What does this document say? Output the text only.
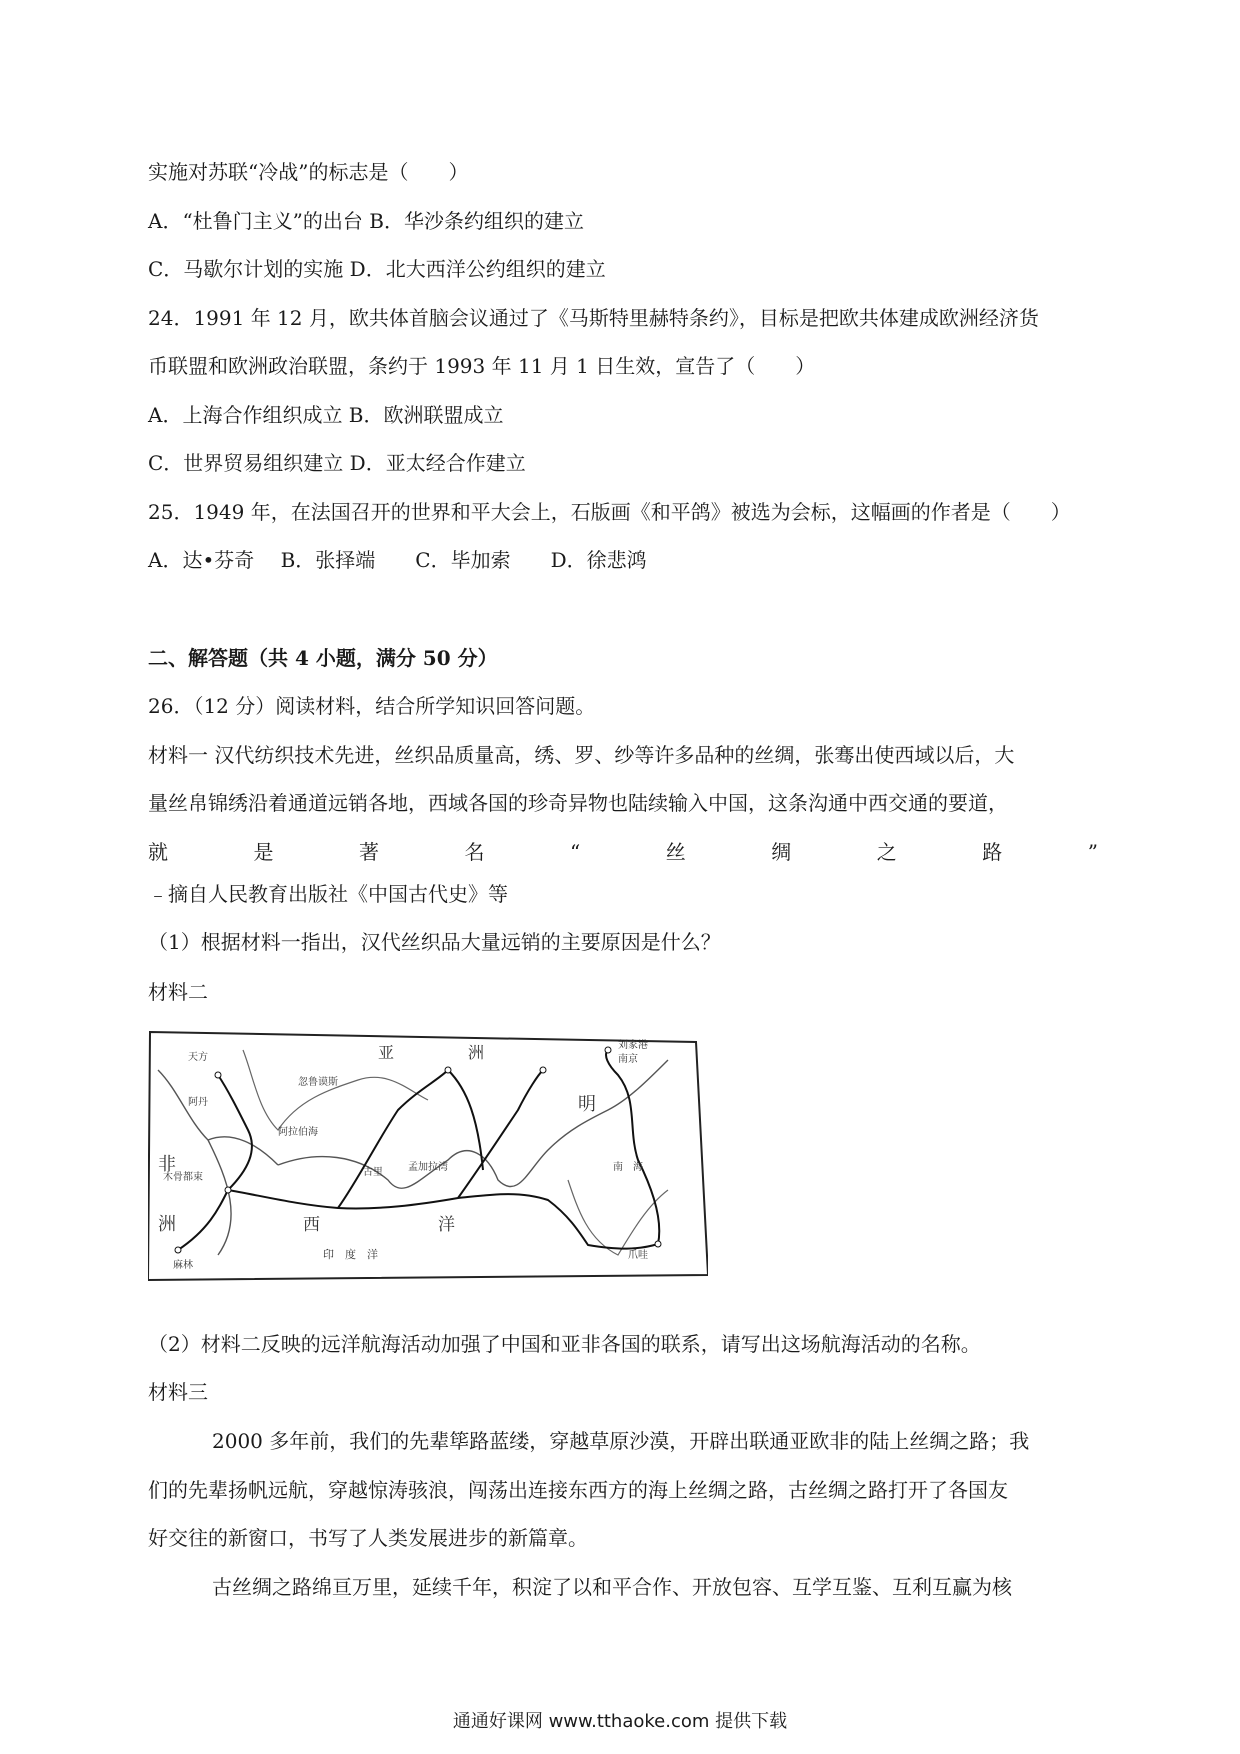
实施对苏联“冷战”的标志是（　　）
A．“杜鲁门主义”的出台 B．华沙条约组织的建立
C．马歇尔计划的实施 D．北大西洋公约组织的建立
24．1991 年 12 月，欧共体首脑会议通过了《马斯特里赫特条约》，目标是把欧共体建成欧洲经济货
币联盟和欧洲政治联盟，条约于 1993 年 11 月 1 日生效，宣告了（　　）
A．上海合作组织成立 B．欧洲联盟成立
C．世界贸易组织建立 D．亚太经合作建立
25．1949 年，在法国召开的世界和平大会上，石版画《和平鸽》被选为会标，这幅画的作者是（　　）
A．达•芬奇　 B．张择端　　C．毕加索　　D．徐悲鸿
二、解答题（共 4 小题，满分 50 分）
26．（12 分）阅读材料，结合所学知识回答问题。
材料一 汉代纺织技术先进，丝织品质量高，绣、罗、纱等许多品种的丝绸，张骞出使西域以后，大
量丝帛锦绣沿着通道远销各地，西域各国的珍奇异物也陆续输入中国，这条沟通中西交通的要道，
就	是	著	名	“	丝	绸	之	路	”
﹣摘自人民教育出版社《中国古代史》等
（1）根据材料一指出，汉代丝织品大量远销的主要原因是什么？
材料二
非
洲
亚	洲
明
西	洋
印　度　洋
阿拉伯海
孟加拉湾	南　海
忽鲁谟斯
木骨都束
麻林
古里
刘家港
南京
爪哇
阿丹
天方
（2）材料二反映的远洋航海活动加强了中国和亚非各国的联系，请写出这场航海活动的名称。
材料三
2000 多年前，我们的先辈筚路蓝缕，穿越草原沙漠，开辟出联通亚欧非的陆上丝绸之路；我
们的先辈扬帆远航，穿越惊涛骇浪，闯荡出连接东西方的海上丝绸之路，古丝绸之路打开了各国友
好交往的新窗口，书写了人类发展进步的新篇章。
古丝绸之路绵亘万里，延续千年，积淀了以和平合作、开放包容、互学互鉴、互利互赢为核
通通好课网 www.tthaoke.com 提供下载
